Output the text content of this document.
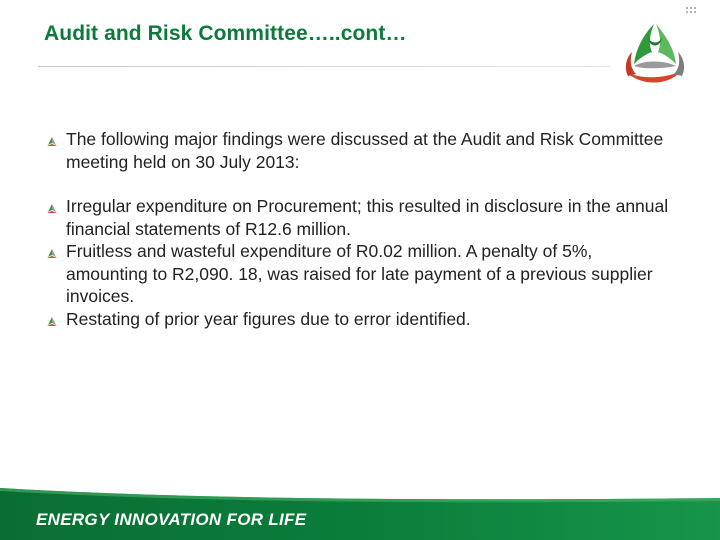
Audit and Risk Committee…..cont…
The following major findings were discussed at the Audit and Risk Committee meeting held on 30 July 2013:
Irregular expenditure on Procurement; this resulted in disclosure in the annual financial statements of R12.6 million.
Fruitless and wasteful expenditure of R0.02 million. A penalty of 5%, amounting to R2,090. 18, was raised for late payment of a previous supplier invoices.
Restating of prior year figures due to error identified.
ENERGY INNOVATION FOR LIFE
